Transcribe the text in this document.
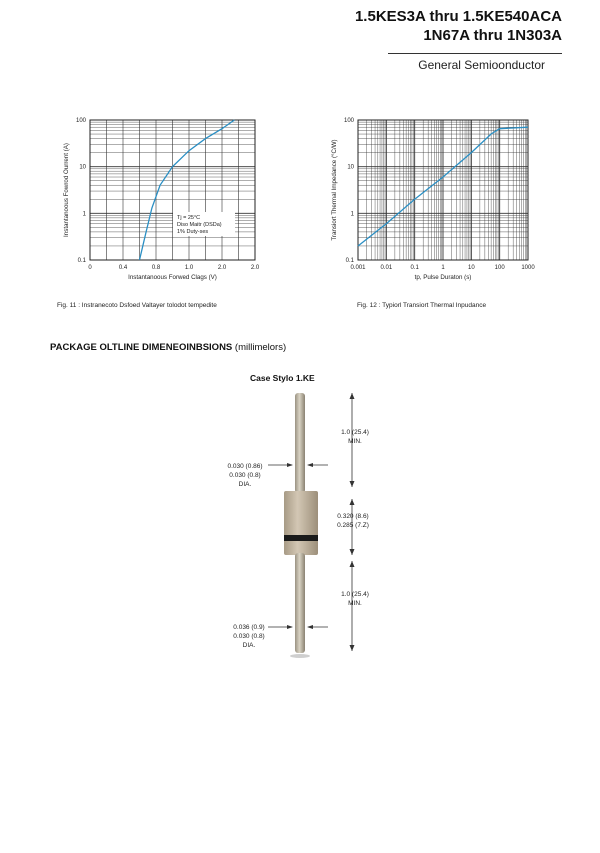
1.5KES3A thru 1.5KE540ACA
1N67A thru 1N303A
General Semioonductor
0.1
1
10
100
0	0.4	0.8	1.0	2.0	2.0
Instantanoous Forwed Clags (V)
Instantanoous Fowrod Ourrent (A)	Tj = 25°C
Diso Maitr (DSDa)
1% Duty-ses
0.1
1
10
100
0.001 0.01	0.1	1	10	100	1000
tp, Pulse Duraton (s)
Transiort Thermal Impedance (°C/W)
Fig. 11 : Instranecoto Dsfoed Valtayer tolodot tempedite	Fig. 12 : Typiorl Transiort Thermal Inpudance
PACKAGE OLTLINE DIMENEOINBSIONS (millimelors)
Case Stylo 1.KE
1.0 (25.4)
MIN.
0.030 (0.86)
0.030 (0.8)
DIA.
0.320 (8.6)
0.285 (7.Z)
1.0 (25.4)
MIN.
0.036 (0.9)
0.030 (0.8)
DIA.
